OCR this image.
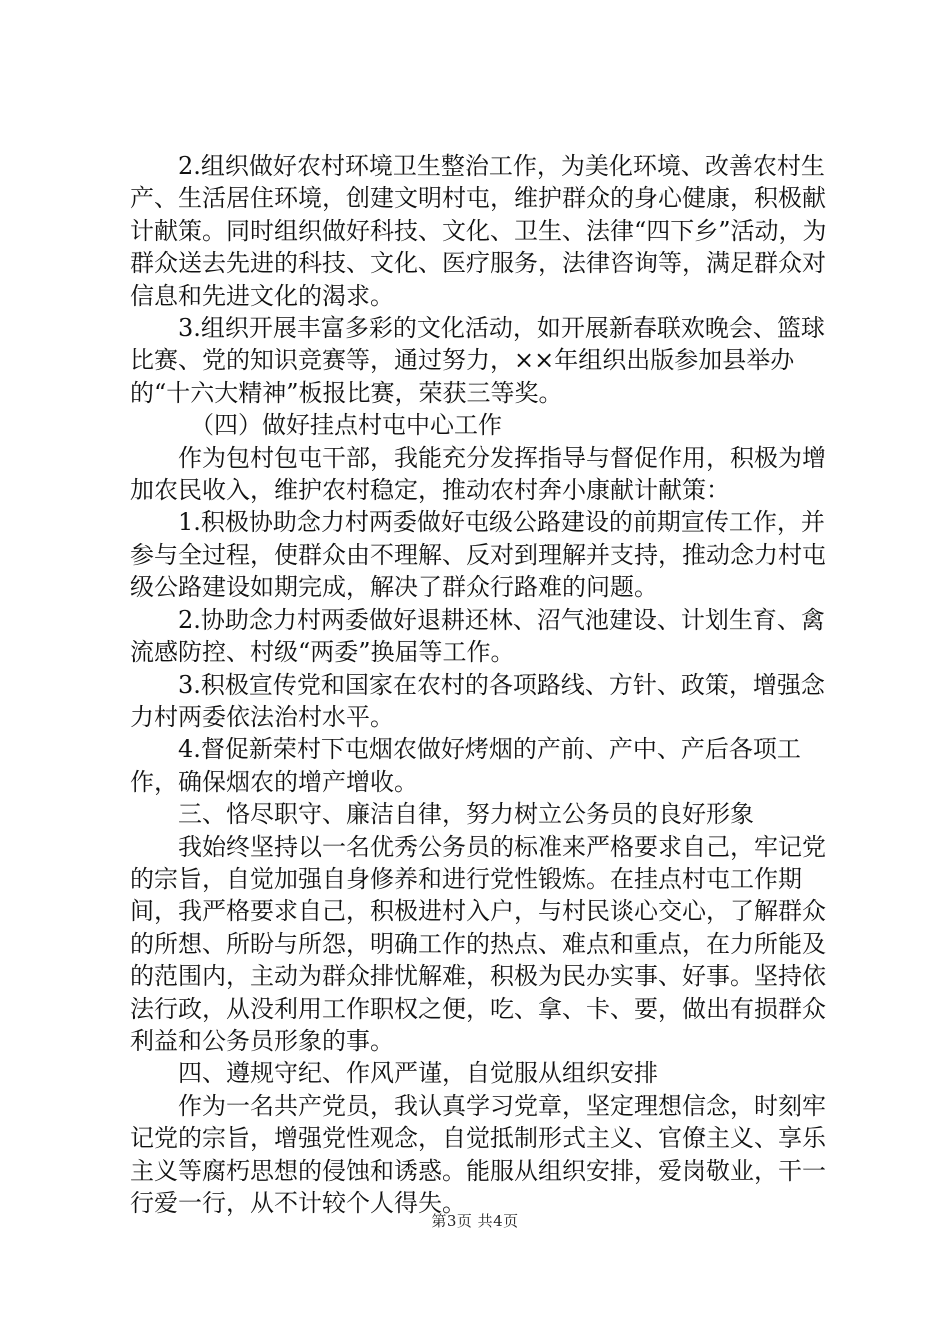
2.组织做好农村环境卫生整治工作，为美化环境、改善农村生产、生活居住环境，创建文明村屯，维护群众的身心健康，积极献计献策。同时组织做好科技、文化、卫生、法律“四下乡”活动，为群众送去先进的科技、文化、医疗服务，法律咨询等，满足群众对信息和先进文化的渴求。

3.组织开展丰富多彩的文化活动，如开展新春联欢晚会、篮球比赛、党的知识竞赛等，通过努力，××年组织出版参加县举办的“十六大精神”板报比赛，荣获三等奖。

（四）做好挂点村屯中心工作

作为包村包屯干部，我能充分发挥指导与督促作用，积极为增加农民收入，维护农村稳定，推动农村奔小康献计献策：

1.积极协助念力村两委做好屯级公路建设的前期宣传工作，并参与全过程，使群众由不理解、反对到理解并支持，推动念力村屯级公路建设如期完成，解决了群众行路难的问题。

2.协助念力村两委做好退耕还林、沼气池建设、计划生育、禽流感防控、村级“两委”换届等工作。

3.积极宣传党和国家在农村的各项路线、方针、政策，增强念力村两委依法治村水平。

4.督促新荣村下屯烟农做好烤烟的产前、产中、产后各项工作，确保烟农的增产增收。

三、恪尽职守、廉洁自律，努力树立公务员的良好形象

我始终坚持以一名优秀公务员的标准来严格要求自己，牢记党的宗旨，自觉加强自身修养和进行党性锻炼。在挂点村屯工作期间，我严格要求自己，积极进村入户，与村民谈心交心，了解群众的所想、所盼与所怨，明确工作的热点、难点和重点，在力所能及的范围内，主动为群众排忧解难，积极为民办实事、好事。坚持依法行政，从没利用工作职权之便，吃、拿、卡、要，做出有损群众利益和公务员形象的事。

四、遵规守纪、作风严谨，自觉服从组织安排

作为一名共产党员，我认真学习党章，坚定理想信念，时刻牢记党的宗旨，增强党性观念，自觉抵制形式主义、官僚主义、享乐主义等腐朽思想的侵蚀和诱惑。能服从组织安排，爱岗敬业，干一行爱一行，从不计较个人得失。

第3页 共4页
